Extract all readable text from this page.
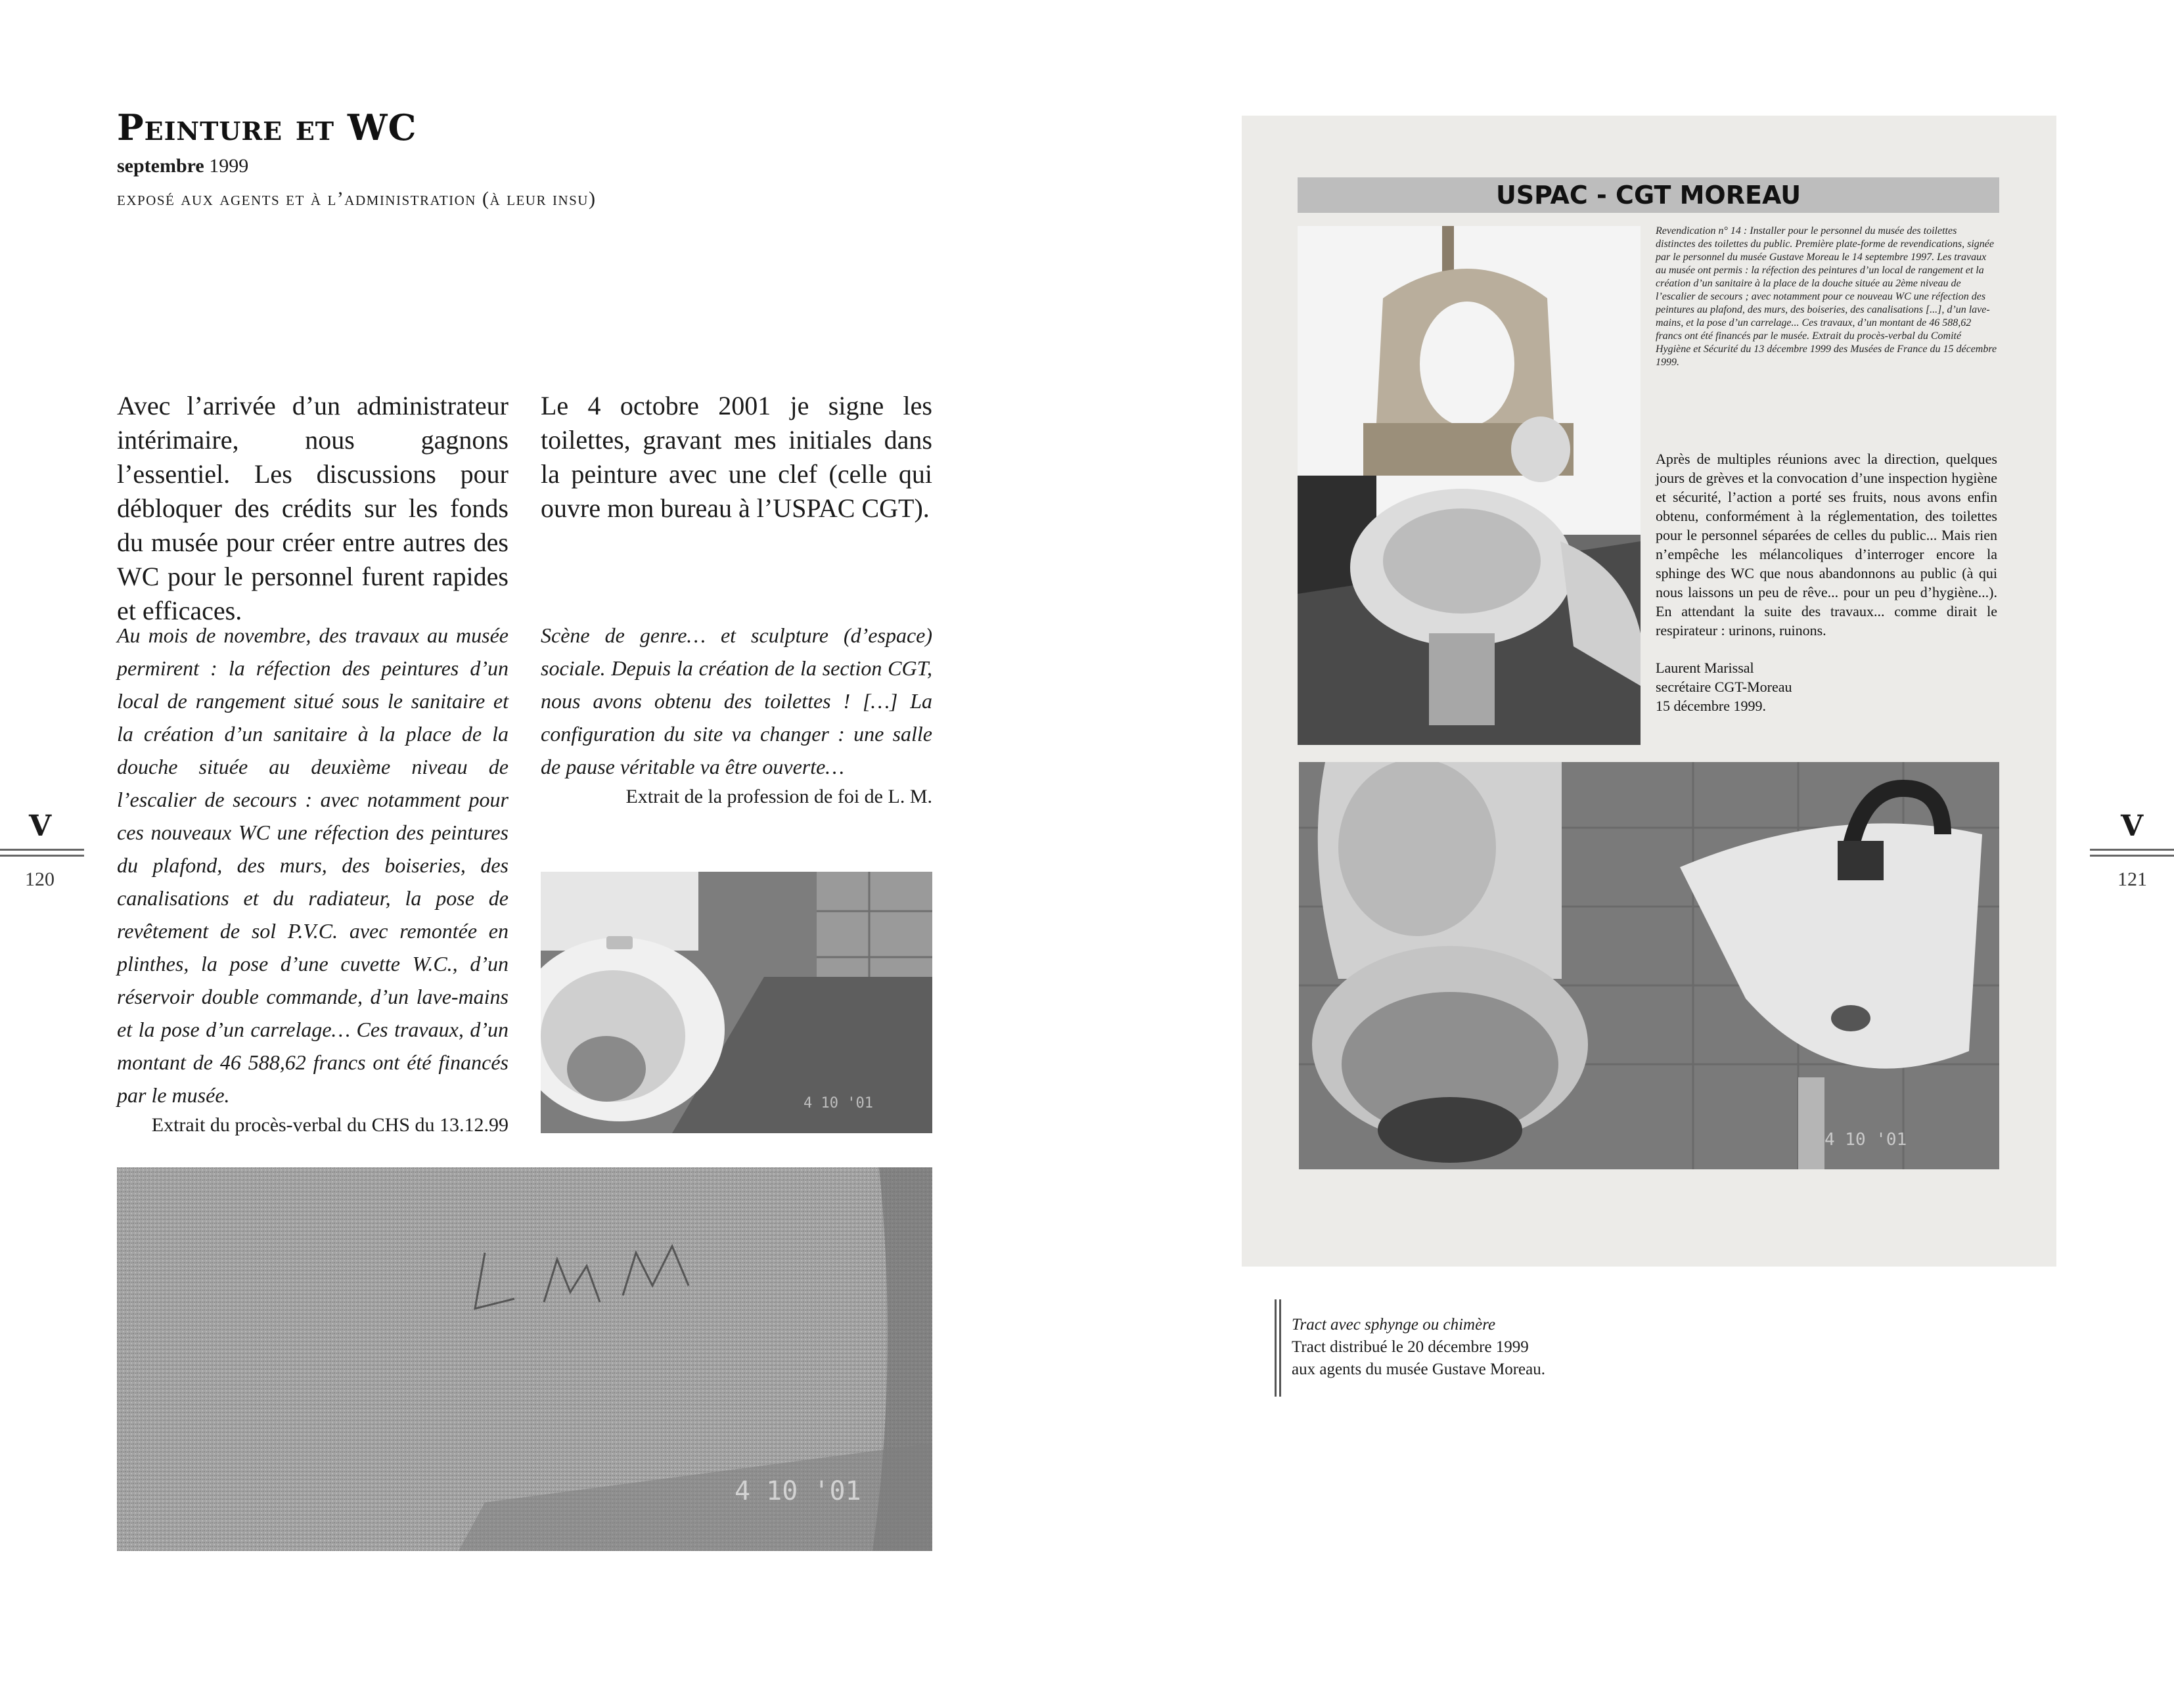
Peinture et WC
septembre 1999
exposé aux agents et à l’administration (à leur insu)
Avec l’arrivée d’un administrateur intérimaire, nous gagnons l’essentiel. Les discussions pour débloquer des crédits sur les fonds du musée pour créer entre autres des WC pour le personnel furent rapides et efficaces.
Le 4 octobre 2001 je signe les toilettes, gravant mes initiales dans la peinture avec une clef (celle qui ouvre mon bureau à l’USPAC CGT).
Au mois de novembre, des travaux au musée permirent : la réfection des peintures d’un local de rangement situé sous le sanitaire et la création d’un sanitaire à la place de la douche située au deuxième niveau de l’escalier de secours : avec notamment pour ces nouveaux WC une réfection des peintures du plafond, des murs, des boiseries, des canalisations et du radiateur, la pose de revêtement de sol P.V.C. avec remontée en plinthes, la pose d’une cuvette W.C., d’un réservoir double commande, d’un lave-mains et la pose d’un carrelage… Ces travaux, d’un montant de 46 588,62 francs ont été financés par le musée.
Extrait du procès-verbal du CHS du 13.12.99
Scène de genre… et sculpture (d’espace) sociale. Depuis la création de la section CGT, nous avons obtenu des toilettes ! […] La configuration du site va changer : une salle de pause véritable va être ouverte…
Extrait de la profession de foi de L. M.
V
120
4 10 '01
4 10 '01
USPAC - CGT MOREAU
Revendication n° 14 : Installer pour le personnel du musée des toilettes distinctes des toilettes du public. Première plate-forme de revendications, signée par le personnel du musée Gustave Moreau le 14 septembre 1997. Les travaux au musée ont permis : la réfection des peintures d’un local de rangement et la création d’un sanitaire à la place de la douche située au 2ème niveau de l’escalier de secours ; avec notamment pour ce nouveau WC une réfection des peintures au plafond, des murs, des boiseries, des canalisations [...], d’un lave-mains, et la pose d’un carrelage... Ces travaux, d’un montant de 46 588,62 francs ont été financés par le musée. Extrait du procès-verbal du Comité Hygiène et Sécurité du 13 décembre 1999 des Musées de France du 15 décembre 1999.
Après de multiples réunions avec la direction, quelques jours de grèves et la convocation d’une inspection hygiène et sécurité, l’action a porté ses fruits, nous avons enfin obtenu, conformément à la réglementation, des toilettes pour le personnel séparées de celles du public... Mais rien n’empêche les mélancoliques d’interroger encore la sphinge des WC que nous abandonnons au public (à qui nous laissons un peu de rêve... pour un peu d’hygiène...). En attendant la suite des travaux... comme dirait le respirateur : urinons, ruinons.
Laurent Marissal
secrétaire CGT-Moreau
15 décembre 1999.
4 10 '01
V
121
Tract avec sphynge ou chimère
Tract distribué le 20 décembre 1999
aux agents du musée Gustave Moreau.
